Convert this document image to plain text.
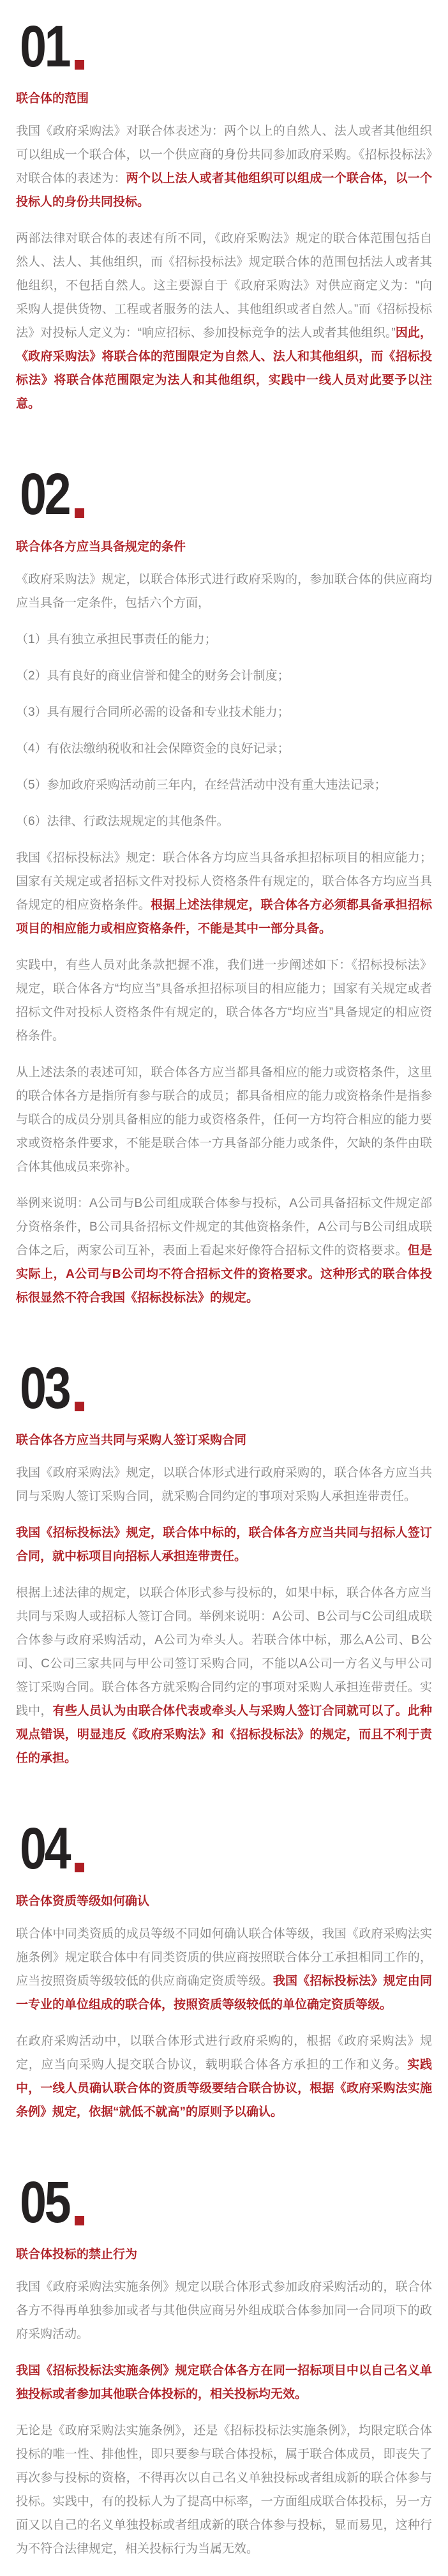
01
联合体的范围

我国《政府采购法》对联合体表述为：两个以上的自然人、法人或者其他组织可以组成一个联合体，以一个供应商的身份共同参加政府采购。《招标投标法》对联合体的表述为：两个以上法人或者其他组织可以组成一个联合体，以一个投标人的身份共同投标。

两部法律对联合体的表述有所不同，《政府采购法》规定的联合体范围包括自然人、法人、其他组织，而《招标投标法》规定联合体的范围包括法人或者其他组织，不包括自然人。这主要源自于《政府采购法》对供应商定义为：“向采购人提供货物、工程或者服务的法人、其他组织或者自然人。”而《招标投标法》对投标人定义为：“响应招标、参加投标竞争的法人或者其他组织。”因此，《政府采购法》将联合体的范围限定为自然人、法人和其他组织，而《招标投标法》将联合体范围限定为法人和其他组织，实践中一线人员对此要予以注意。

02
联合体各方应当具备规定的条件

《政府采购法》规定，以联合体形式进行政府采购的，参加联合体的供应商均应当具备一定条件，包括六个方面，

（1）具有独立承担民事责任的能力；

（2）具有良好的商业信誉和健全的财务会计制度；

（3）具有履行合同所必需的设备和专业技术能力；

（4）有依法缴纳税收和社会保障资金的良好记录；

（5）参加政府采购活动前三年内，在经营活动中没有重大违法记录；

（6）法律、行政法规规定的其他条件。

我国《招标投标法》规定：联合体各方均应当具备承担招标项目的相应能力；国家有关规定或者招标文件对投标人资格条件有规定的，联合体各方均应当具备规定的相应资格条件。根据上述法律规定，联合体各方必须都具备承担招标项目的相应能力或相应资格条件，不能是其中一部分具备。

实践中，有些人员对此条款把握不准，我们进一步阐述如下：《招标投标法》规定，联合体各方“均应当”具备承担招标项目的相应能力；国家有关规定或者招标文件对投标人资格条件有规定的，联合体各方“均应当”具备规定的相应资格条件。

从上述法条的表述可知，联合体各方应当都具备相应的能力或资格条件，这里的联合体各方是指所有参与联合的成员；都具备相应的能力或资格条件是指参与联合的成员分别具备相应的能力或资格条件，任何一方均符合相应的能力要求或资格条件要求，不能是联合体一方具备部分能力或条件，欠缺的条件由联合体其他成员来弥补。

举例来说明：A公司与B公司组成联合体参与投标，A公司具备招标文件规定部分资格条件，B公司具备招标文件规定的其他资格条件，A公司与B公司组成联合体之后，两家公司互补，表面上看起来好像符合招标文件的资格要求。但是实际上，A公司与B公司均不符合招标文件的资格要求。这种形式的联合体投标很显然不符合我国《招标投标法》的规定。

03
联合体各方应当共同与采购人签订采购合同

我国《政府采购法》规定，以联合体形式进行政府采购的，联合体各方应当共同与采购人签订采购合同，就采购合同约定的事项对采购人承担连带责任。

我国《招标投标法》规定，联合体中标的，联合体各方应当共同与招标人签订合同，就中标项目向招标人承担连带责任。

根据上述法律的规定，以联合体形式参与投标的，如果中标，联合体各方应当共同与采购人或招标人签订合同。举例来说明：A公司、B公司与C公司组成联合体参与政府采购活动，A公司为牵头人。若联合体中标，那么A公司、B公司、C公司三家共同与甲公司签订采购合同，不能以A公司一方名义与甲公司签订采购合同。联合体各方就采购合同约定的事项对采购人承担连带责任。实践中，有些人员认为由联合体代表或牵头人与采购人签订合同就可以了。此种观点错误，明显违反《政府采购法》和《招标投标法》的规定，而且不利于责任的承担。

04
联合体资质等级如何确认

联合体中同类资质的成员等级不同如何确认联合体等级，我国《政府采购法实施条例》规定联合体中有同类资质的供应商按照联合体分工承担相同工作的，应当按照资质等级较低的供应商确定资质等级。我国《招标投标法》规定由同一专业的单位组成的联合体，按照资质等级较低的单位确定资质等级。

在政府采购活动中，以联合体形式进行政府采购的，根据《政府采购法》规定，应当向采购人提交联合协议，载明联合体各方承担的工作和义务。实践中，一线人员确认联合体的资质等级要结合联合协议，根据《政府采购法实施条例》规定，依据“就低不就高”的原则予以确认。

05
联合体投标的禁止行为

我国《政府采购法实施条例》规定以联合体形式参加政府采购活动的，联合体各方不得再单独参加或者与其他供应商另外组成联合体参加同一合同项下的政府采购活动。

我国《招标投标法实施条例》规定联合体各方在同一招标项目中以自己名义单独投标或者参加其他联合体投标的，相关投标均无效。

无论是《政府采购法实施条例》，还是《招标投标法实施条例》，均限定联合体投标的唯一性、排他性，即只要参与联合体投标，属于联合体成员，即丧失了再次参与投标的资格，不得再次以自己名义单独投标或者组成新的联合体参与投标。实践中，有的投标人为了提高中标率，一方面组成联合体投标，另一方面又以自己的名义单独投标或者组成新的联合体参与投标，显而易见，这种行为不符合法律规定，相关投标行为当属无效。
